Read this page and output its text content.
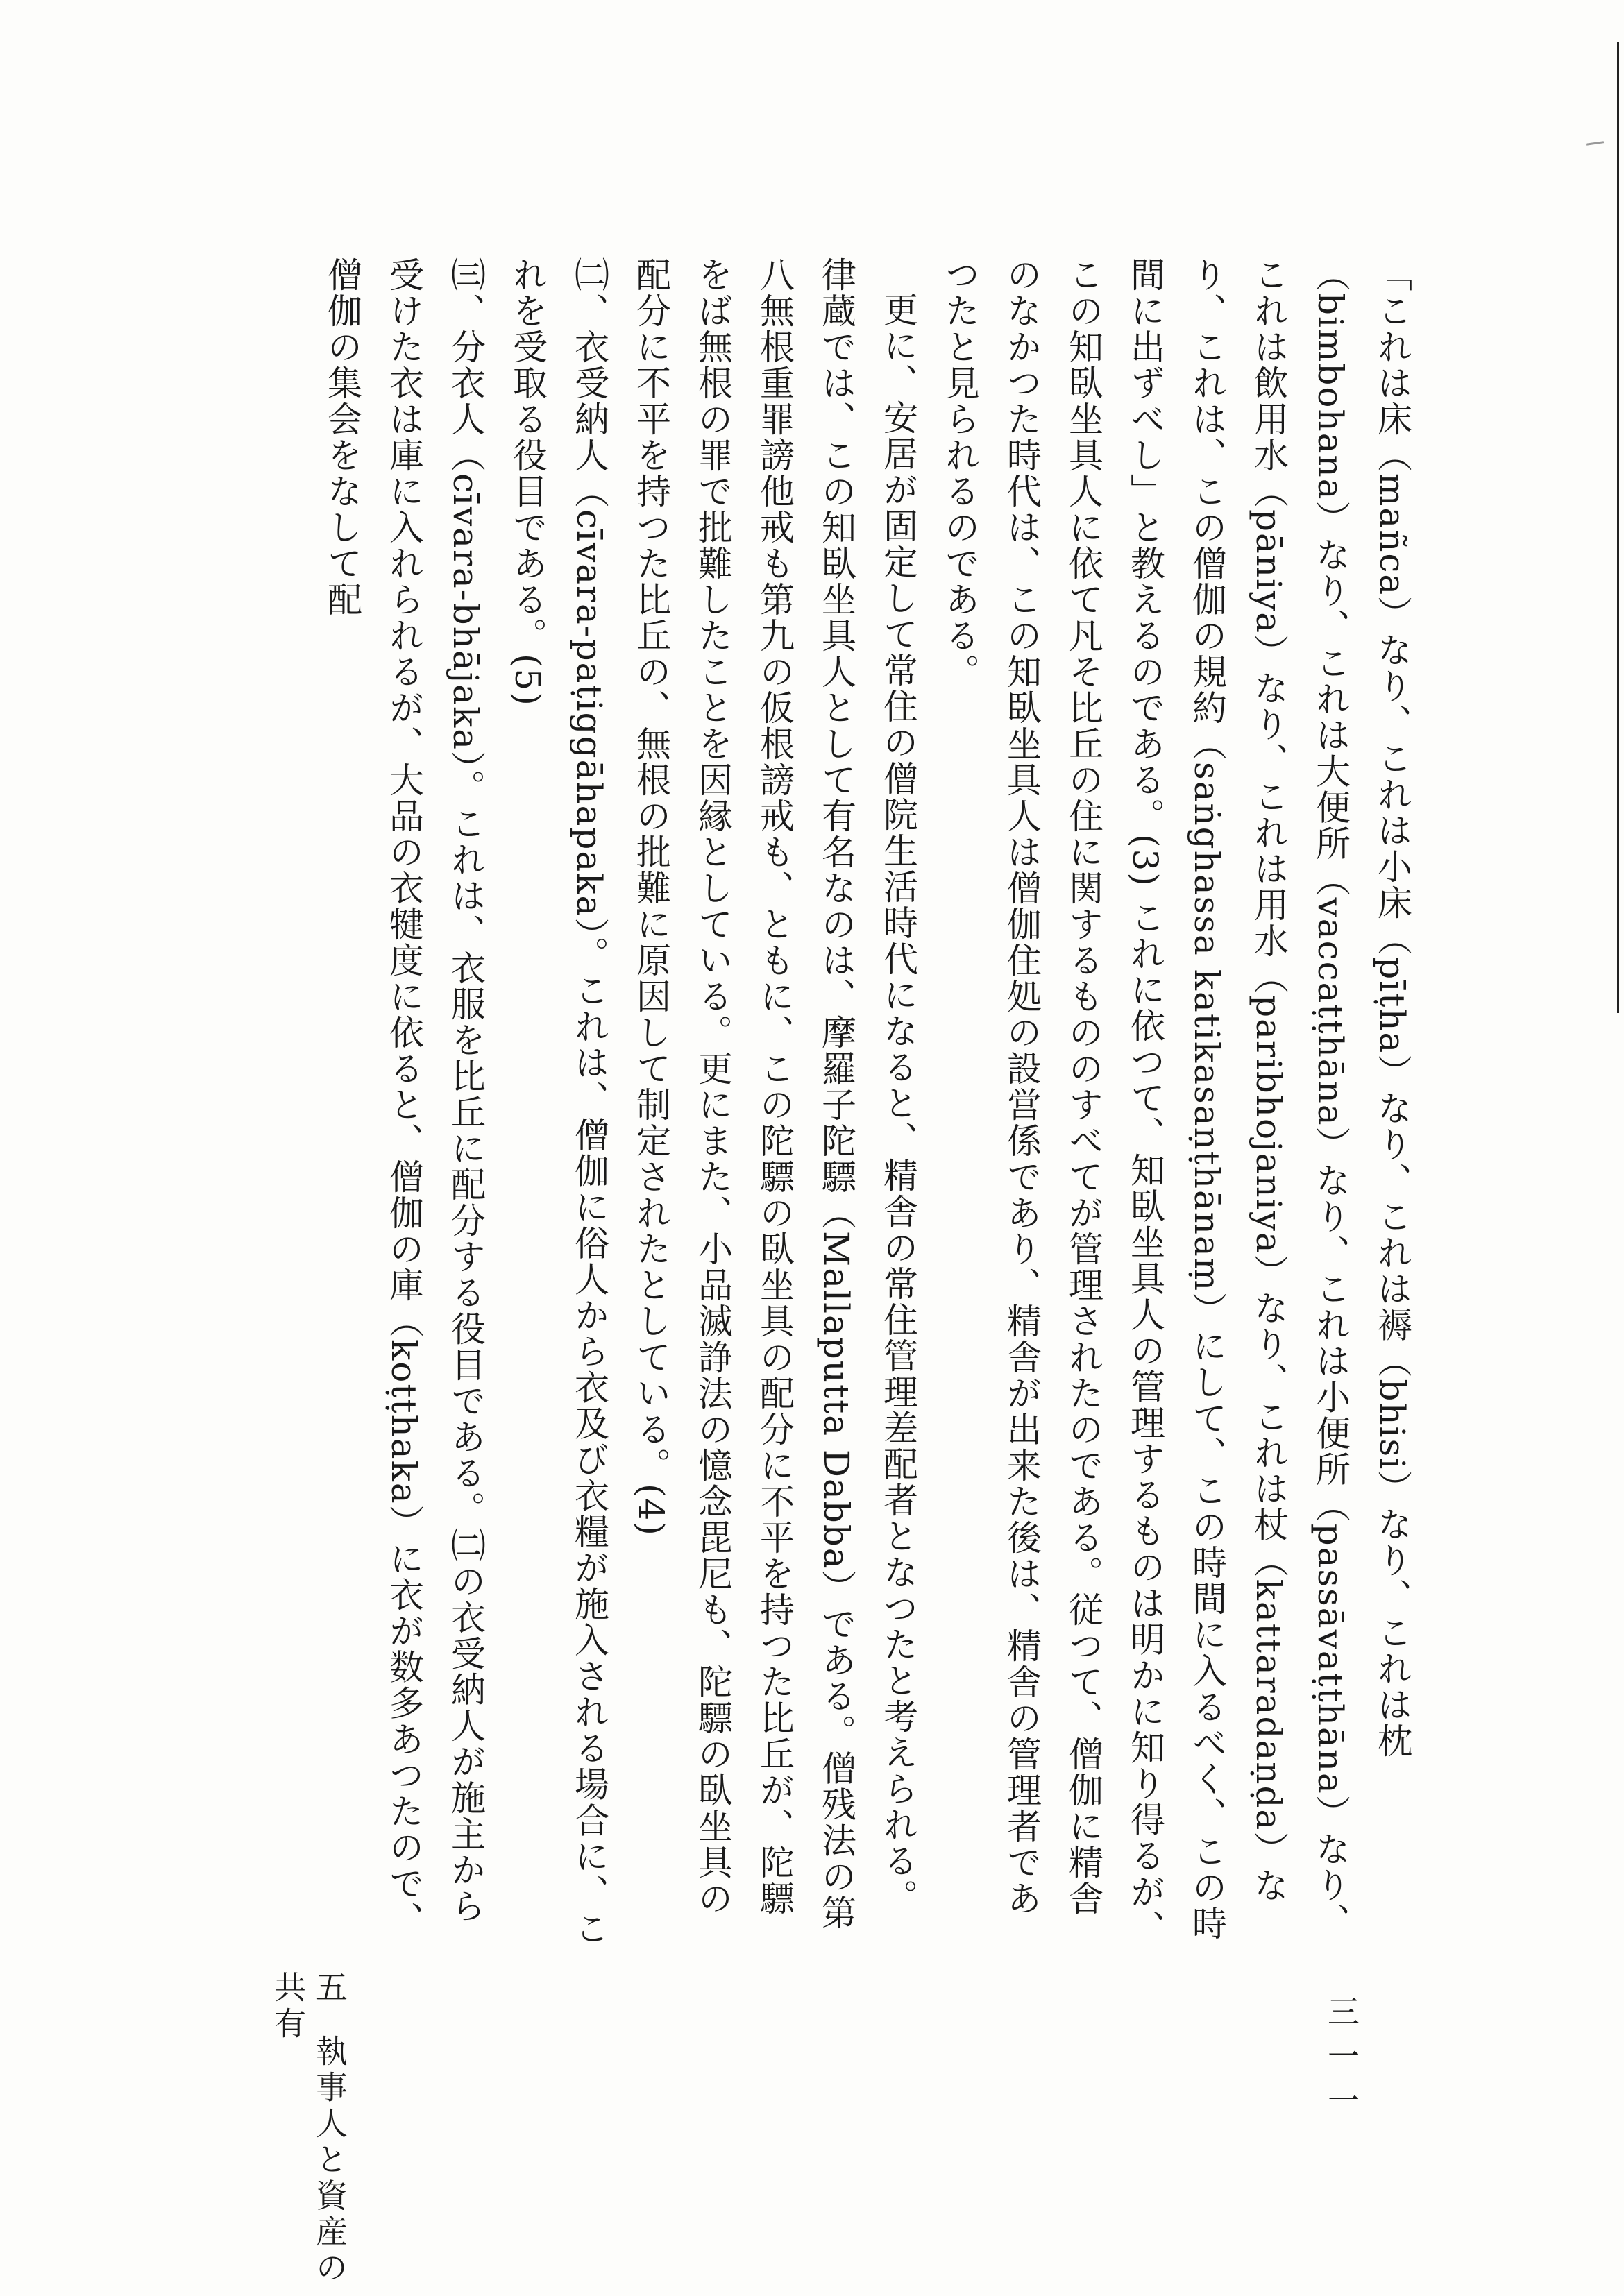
「これは床（mañca）なり、これは小床（pīṭha）なり、これは褥（bhisi）なり、これは枕（bimbohana）なり、これは大便所（vaccaṭṭhāna）なり、これは小便所（passāvaṭṭhāna）なり、これは飲用水（pāniya）なり、これは用水（paribhojaniya）なり、これは杖（kattaradaṇḍa）なり、これは、この僧伽の規約（saṅghassa katikasaṇṭhānaṃ）にして、この時間に入るべく、この時間に出ずべし」と教えるのである。(3) これに依つて、知臥坐具人の管理するものは明かに知り得るが、この知臥坐具人に依て凡そ比丘の住に関するもののすべてが管理されたのである。従つて、僧伽に精舎のなかつた時代は、この知臥坐具人は僧伽住処の設営係であり、精舎が出来た後は、精舎の管理者であつたと見られるのである。

更に、安居が固定して常住の僧院生活時代になると、精舎の常住管理差配者となつたと考えられる。律蔵では、この知臥坐具人として有名なのは、摩羅子陀驃（Mallaputta Dabba）である。僧残法の第八無根重罪謗他戒も第九の仮根謗戒も、ともに、この陀驃の臥坐具の配分に不平を持つた比丘が、陀驃をば無根の罪で批難したことを因縁としている。更にまた、小品滅諍法の憶念毘尼も、陀驃の臥坐具の配分に不平を持つた比丘の、無根の批難に原因して制定されたとしている。(4)

㈡、衣受納人（cīvara-paṭiggāhapaka）。これは、僧伽に俗人から衣及び衣糧が施入される場合に、これを受取る役目である。(5)

㈢、分衣人（cīvara-bhājaka）。これは、衣服を比丘に配分する役目である。㈡の衣受納人が施主から受けた衣は庫に入れられるが、大品の衣犍度に依ると、僧伽の庫（koṭṭhaka）に衣が数多あつたので、僧伽の集会をなして配

五執事人と資産の共有	三一一
